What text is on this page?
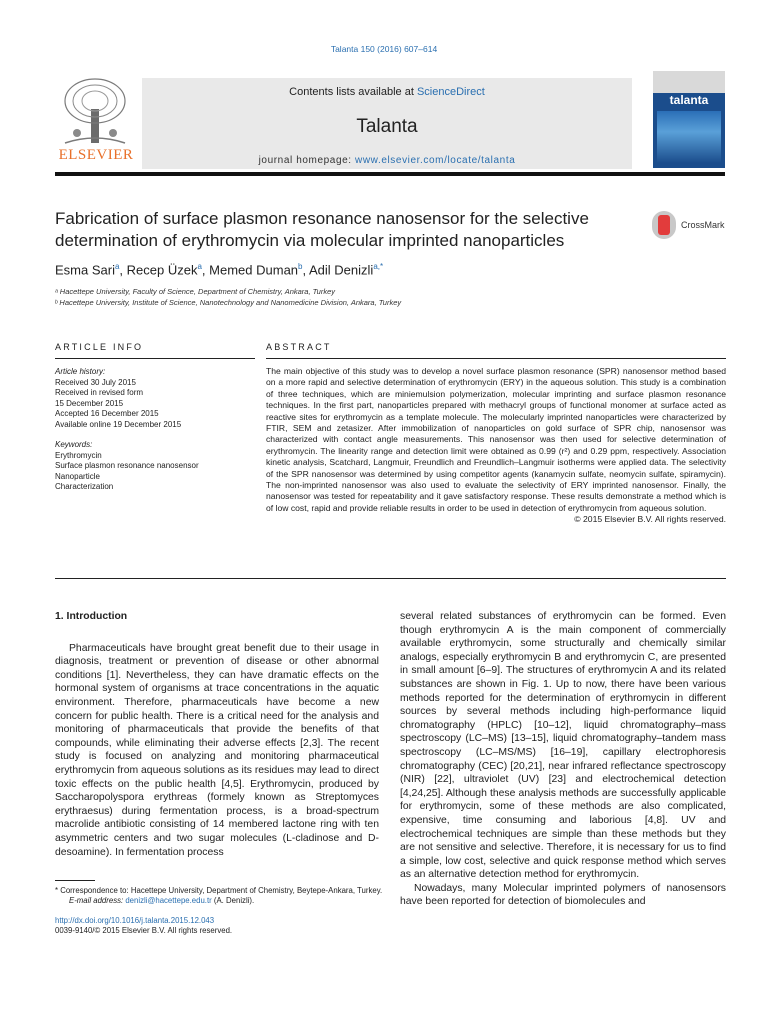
Talanta 150 (2016) 607–614
ELSEVIER
Contents lists available at ScienceDirect
Talanta
journal homepage: www.elsevier.com/locate/talanta
talanta
Fabrication of surface plasmon resonance nanosensor for the selective determination of erythromycin via molecular imprinted nanoparticles
CrossMark
Esma Sari$^a$, Recep Üzek$^a$, Memed Duman$^b$, Adil Denizli$^{a,*}$
ᵃ Hacettepe University, Faculty of Science, Department of Chemistry, Ankara, Turkey
ᵇ Hacettepe University, Institute of Science, Nanotechnology and Nanomedicine Division, Ankara, Turkey
ARTICLE INFO	ABSTRACT
Article history:
Received 30 July 2015
Received in revised form
15 December 2015
Accepted 16 December 2015
Available online 19 December 2015
Keywords:
Erythromycin
Surface plasmon resonance nanosensor
Nanoparticle
Characterization

The main objective of this study was to develop a novel surface plasmon resonance (SPR) nanosensor method based on a more rapid and selective determination of erythromycin (ERY) in the aqueous solution. This study is a combination of three techniques, which are miniemulsion polymerization, molecular imprinting and surface plasmon resonance techniques. In the first part, nanoparticles prepared with methacryl groups of functional monomer at surface acted as reactive sites for erythromycin as a template molecule. The molecularly imprinted nanoparticles were characterized by FTIR, SEM and zetasizer. After immobilization of nanoparticles on gold surface of SPR chip, nanosensor was characterized with contact angle measurements. This nanosensor was then used for selective determination of erythromycin. The linearity range and detection limit were obtained as 0.99 (r²) and 0.29 ppm, respectively. Association kinetic analysis, Scatchard, Langmuir, Freundlich and Freundlich–Langmuir isotherms were applied data. The selectivity of the SPR nanosensor was determined by using competitor agents (kanamycin sulfate, neomycin sulfate, spiramycin). The non-imprinted nanosensor was also used to evaluate the selectivity of ERY imprinted nanosensor. Finally, the nanosensor was tested for repeatability and it gave satisfactory response. These results demonstrate a method which is of low cost, rapid and provide reliable results in order to be used in detection of erythromycin from aqueous solution.

© 2015 Elsevier B.V. All rights reserved.

1. Introduction

Pharmaceuticals have brought great benefit due to their usage in diagnosis, treatment or prevention of disease or other abnormal conditions [1]. Nevertheless, they can have dramatic effects on the hormonal system of organisms at trace concentrations in the aquatic environment. Therefore, pharmaceuticals have become a new concern for public health. There is a critical need for the analysis and monitoring of pharmaceuticals that provide the benefits of that compounds, while eliminating their adverse effects [2,3]. The recent study is focused on analyzing and monitoring pharmaceutical erythromycin from aqueous solutions as its residues may lead to direct toxic effects on the public health [4,5]. Erythromycin, produced by Saccharopolyspora erythreas (formely known as Streptomyces erythraesus) during fermentation process, is a broad-spectrum macrolide antibiotic consisting of 14 membered lactone ring with ten asymmetric centers and two sugar molecules (L-cladinose and D-desoamine). In fermentation process

several related substances of erythromycin can be formed. Even though erythromycin A is the main component of commercially available erythromycin, some structurally and chemically similar analogs, especially erythromycin B and erythromycin C, are presented in small amount [6–9]. The structures of erythromycin A and its related substances are shown in Fig. 1. Up to now, there have been various methods reported for the determination of erythromycin in different sources by several methods including high-performance liquid chromatography (HPLC) [10–12], liquid chromatography–mass spectroscopy (LC–MS) [13–15], liquid chromatography–tandem mass spectroscopy (LC–MS/MS) [16–19], capillary electrophoresis chromatography (CEC) [20,21], near infrared reflectance spectroscopy (NIR) [22], ultraviolet (UV) [23] and electrochemical detection [4,24,25]. Although these analysis methods are successfully applicable for erythromycin, some of these methods are also complicated, expensive, time consuming and laborious [4,8]. UV and electrochemical techniques are simple than these methods but they are not sensitive and selective. Therefore, it is necessary for us to find a simple, low cost, selective and quick response method which serves as an alternative detection method for erythromycin.

Nowadays, many Molecular imprinted polymers of nanosensors have been reported for detection of biomolecules and

* Correspondence to: Hacettepe University, Department of Chemistry, Beytepe-Ankara, Turkey.
E-mail address: denizli@hacettepe.edu.tr (A. Denizli).
http://dx.doi.org/10.1016/j.talanta.2015.12.043
0039-9140/© 2015 Elsevier B.V. All rights reserved.
